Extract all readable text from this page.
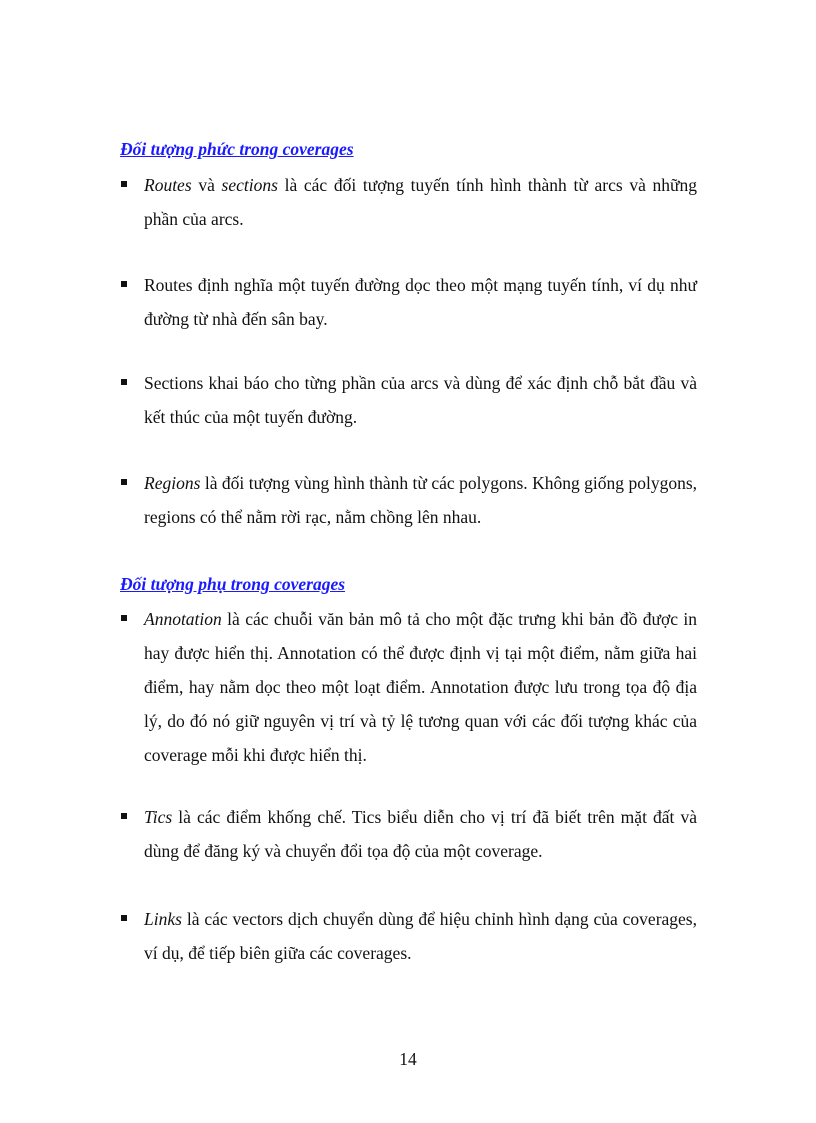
Đối tượng phức trong coverages
Routes và sections là các đối tượng tuyến tính hình thành từ arcs và những phần của arcs.
Routes định nghĩa một tuyến đường dọc theo một mạng tuyến tính, ví dụ như đường từ nhà đến sân bay.
Sections khai báo cho từng phần của arcs và dùng để xác định chỗ bắt đầu và kết thúc của một tuyến đường.
Regions là đối tượng vùng hình thành từ các polygons. Không giống polygons, regions có thể nằm rời rạc, nằm chồng lên nhau.
Đối tượng phụ trong coverages
Annotation là các chuỗi văn bản mô tả cho một đặc trưng khi bản đồ được in hay được hiển thị. Annotation có thể được định vị tại một điểm, nằm giữa hai điểm, hay nằm dọc theo một loạt điểm. Annotation được lưu trong tọa độ địa lý, do đó nó giữ nguyên vị trí và tỷ lệ tương quan với các đối tượng khác của coverage mỗi khi được hiển thị.
Tics là các điểm khống chế. Tics biểu diễn cho vị trí đã biết trên mặt đất và dùng để đăng ký và chuyển đổi tọa độ của một coverage.
Links là các vectors dịch chuyển dùng để hiệu chỉnh hình dạng của coverages, ví dụ, để tiếp biên giữa các coverages.
14
